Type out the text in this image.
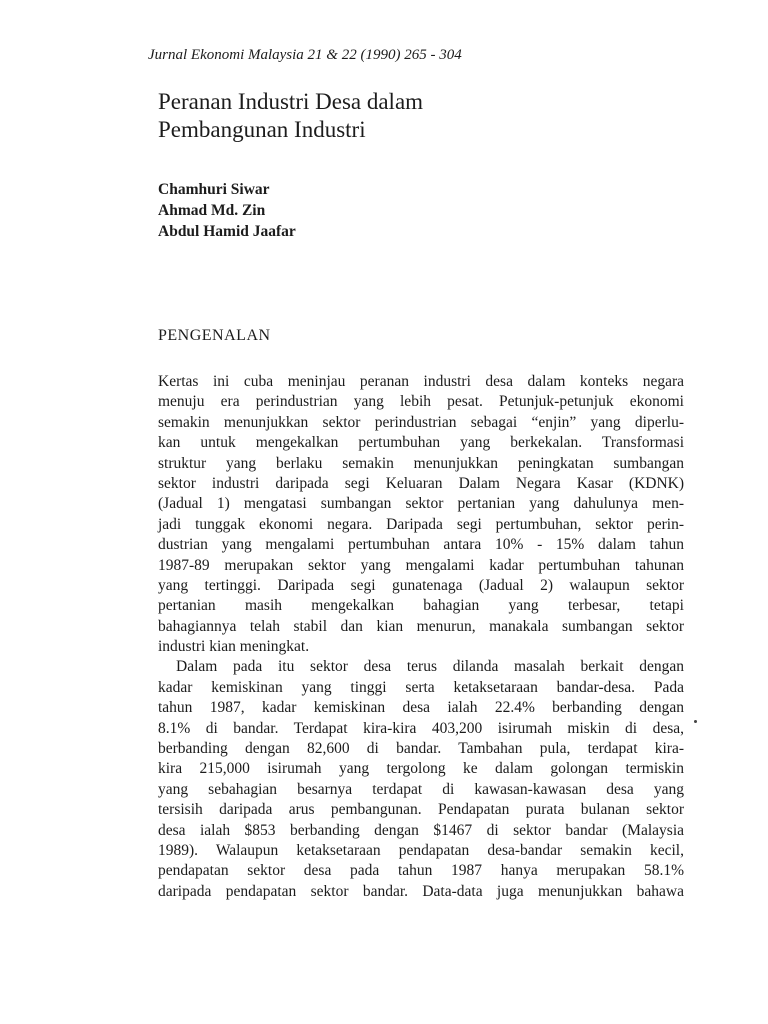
Jurnal Ekonomi Malaysia 21 & 22 (1990) 265 - 304
Peranan Industri Desa dalam
Pembangunan Industri
Chamhuri Siwar
Ahmad Md. Zin
Abdul Hamid Jaafar
PENGENALAN
Kertas ini cuba meninjau peranan industri desa dalam konteks negara
menuju era perindustrian yang lebih pesat. Petunjuk-petunjuk ekonomi
semakin menunjukkan sektor perindustrian sebagai “enjin” yang diperlu-
kan untuk mengekalkan pertumbuhan yang berkekalan. Transformasi
struktur yang berlaku semakin menunjukkan peningkatan sumbangan
sektor industri daripada segi Keluaran Dalam Negara Kasar (KDNK)
(Jadual 1) mengatasi sumbangan sektor pertanian yang dahulunya men-
jadi tunggak ekonomi negara. Daripada segi pertumbuhan, sektor perin-
dustrian yang mengalami pertumbuhan antara 10% - 15% dalam tahun
1987-89 merupakan sektor yang mengalami kadar pertumbuhan tahunan
yang tertinggi. Daripada segi gunatenaga (Jadual 2) walaupun sektor
pertanian masih mengekalkan bahagian yang terbesar, tetapi
bahagiannya telah stabil dan kian menurun, manakala sumbangan sektor
industri kian meningkat.
Dalam pada itu sektor desa terus dilanda masalah berkait dengan
kadar kemiskinan yang tinggi serta ketaksetaraan bandar-desa. Pada
tahun 1987, kadar kemiskinan desa ialah 22.4% berbanding dengan
8.1% di bandar. Terdapat kira-kira 403,200 isirumah miskin di desa,
berbanding dengan 82,600 di bandar. Tambahan pula, terdapat kira-
kira 215,000 isirumah yang tergolong ke dalam golongan termiskin
yang sebahagian besarnya terdapat di kawasan-kawasan desa yang
tersisih daripada arus pembangunan. Pendapatan purata bulanan sektor
desa ialah $853 berbanding dengan $1467 di sektor bandar (Malaysia
1989). Walaupun ketaksetaraan pendapatan desa-bandar semakin kecil,
pendapatan sektor desa pada tahun 1987 hanya merupakan 58.1%
daripada pendapatan sektor bandar. Data-data juga menunjukkan bahawa
